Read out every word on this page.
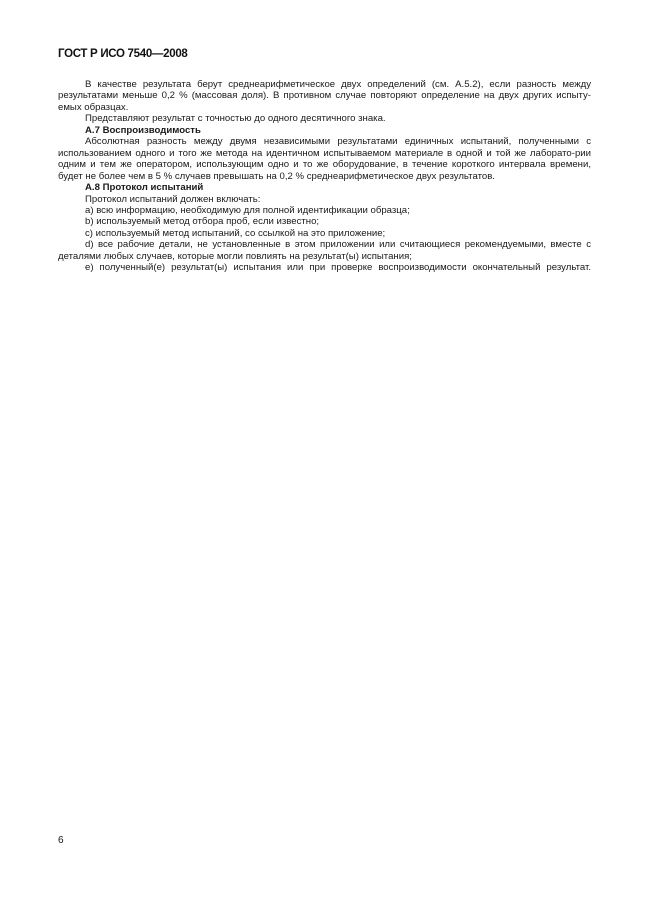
ГОСТ Р ИСО 7540—2008

В качестве результата берут среднеарифметическое двух определений (см. А.5.2), если разность между результатами меньше 0,2 % (массовая доля). В противном случае повторяют определение на двух других испыту-емых образцах.

Представляют результат с точностью до одного десятичного знака.

А.7 Воспроизводимость

Абсолютная разность между двумя независимыми результатами единичных испытаний, полученными с использованием одного и того же метода на идентичном испытываемом материале в одной и той же лаборато-рии одним и тем же оператором, использующим одно и то же оборудование, в течение короткого интервала времени, будет не более чем в 5 % случаев превышать на 0,2 % среднеарифметическое двух результатов.

А.8 Протокол испытаний

Протокол испытаний должен включать:

a) всю информацию, необходимую для полной идентификации образца;

b) используемый метод отбора проб, если известно;

c) используемый метод испытаний, со ссылкой на это приложение;

d) все рабочие детали, не установленные в этом приложении или считающиеся рекомендуемыми, вместе с деталями любых случаев, которые могли повлиять на результат(ы) испытания;

e) полученный(е) результат(ы) испытания или при проверке воспроизводимости окончательный результат.

6
